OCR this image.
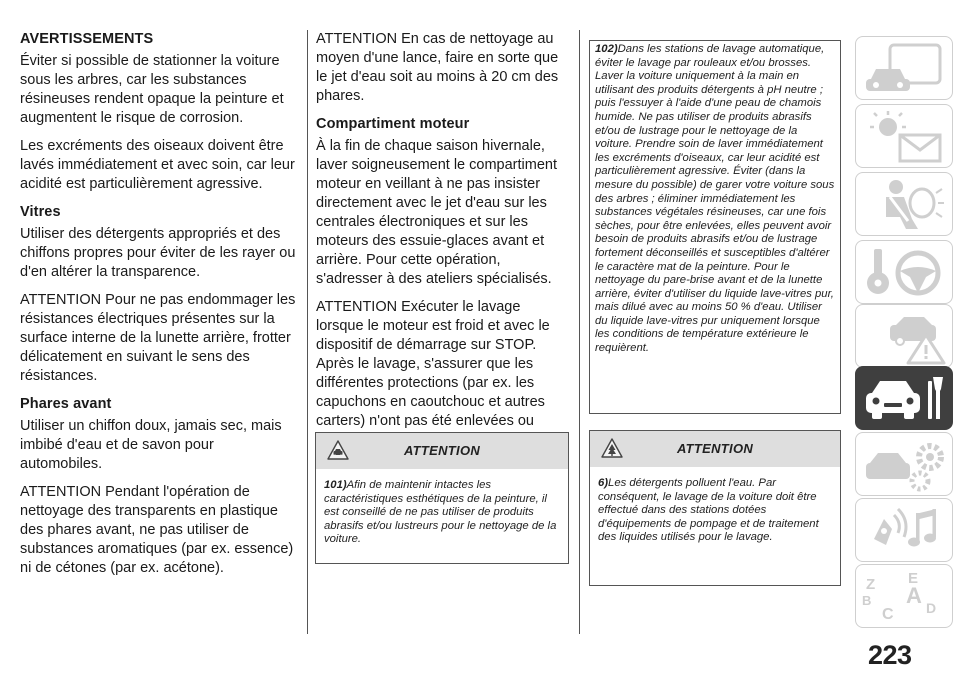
AVERTISSEMENTS
Éviter si possible de stationner la voiture sous les arbres, car les substances résineuses rendent opaque la peinture et augmentent le risque de corrosion.
Les excréments des oiseaux doivent être lavés immédiatement et avec soin, car leur acidité est particulièrement agressive.
Vitres
Utiliser des détergents appropriés et des chiffons propres pour éviter de les rayer ou d'en altérer la transparence.
ATTENTION Pour ne pas endommager les résistances électriques présentes sur la surface interne de la lunette arrière, frotter délicatement en suivant le sens des résistances.
Phares avant
Utiliser un chiffon doux, jamais sec, mais imbibé d'eau et de savon pour automobiles.
ATTENTION Pendant l'opération de nettoyage des transparents en plastique des phares avant, ne pas utiliser de substances aromatiques (par ex. essence) ni de cétones (par ex. acétone).
ATTENTION En cas de nettoyage au moyen d'une lance, faire en sorte que le jet d'eau soit au moins à 20 cm des phares.
Compartiment moteur
À la fin de chaque saison hivernale, laver soigneusement le compartiment moteur en veillant à ne pas insister directement avec le jet d'eau sur les centrales électroniques et sur les moteurs des essuie-glaces avant et arrière. Pour cette opération, s'adresser à des ateliers spécialisés.
ATTENTION Exécuter le lavage lorsque le moteur est froid et avec le dispositif de démarrage sur STOP. Après le lavage, s'assurer que les différentes protections (par ex. les capuchons en caoutchouc et autres carters) n'ont pas été enlevées ou
ATTENTION
101)Afin de maintenir intactes les caractéristiques esthétiques de la peinture, il est conseillé de ne pas utiliser de produits abrasifs et/ou lustreurs pour le nettoyage de la voiture.
102)Dans les stations de lavage automatique, éviter le lavage par rouleaux et/ou brosses. Laver la voiture uniquement à la main en utilisant des produits détergents à pH neutre ; puis l'essuyer à l'aide d'une peau de chamois humide. Ne pas utiliser de produits abrasifs et/ou de lustrage pour le nettoyage de la voiture. Prendre soin de laver immédiatement les excréments d'oiseaux, car leur acidité est particulièrement agressive. Éviter (dans la mesure du possible) de garer votre voiture sous des arbres ; éliminer immédiatement les substances végétales résineuses, car une fois sèches, pour être enlevées, elles peuvent avoir besoin de produits abrasifs et/ou de lustrage fortement déconseillés et susceptibles d'altérer le caractère mat de la peinture. Pour le nettoyage du pare-brise avant et de la lunette arrière, éviter d'utiliser du liquide lave-vitres pur, mais dilué avec au moins 50 % d'eau. Utiliser du liquide lave-vitres pur uniquement lorsque les conditions de température extérieure le requièrent.
ATTENTION
6)Les détergents polluent l'eau. Par conséquent, le lavage de la voiture doit être effectué dans des stations dotées d'équipements de pompage et de traitement des liquides utilisés pour le lavage.
Z E
A
B
C D
223
